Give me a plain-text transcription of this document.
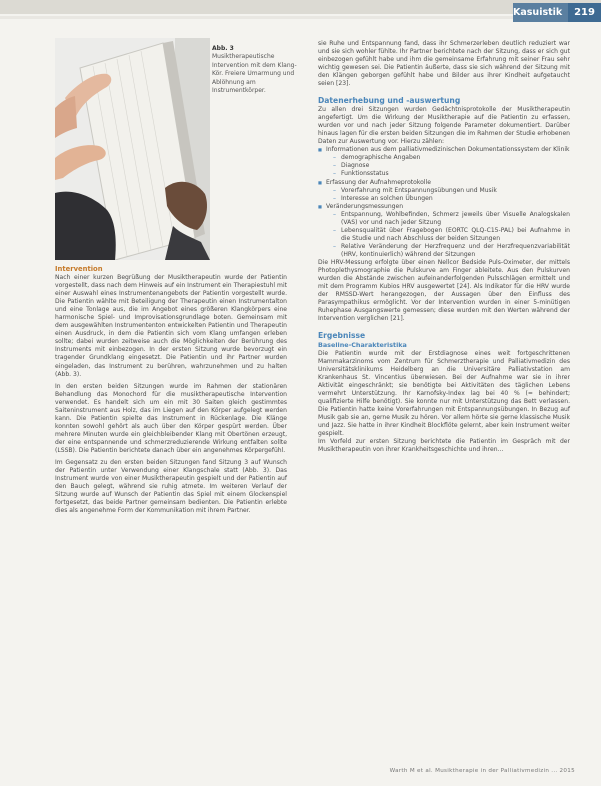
Kasuistik	219
Abb. 3 Musiktherapeutische Intervention mit dem Klang-Kör. Freiere Umarmung und Ablöhnung am Instrumentkörper.

Intervention

Nach einer kurzen Begrüßung der Musiktherapeutin wurde der Patientin vorgestellt, dass nach dem Hinweis auf ein Instrument ein Therapiestuhl mit einer Auswahl eines Instrumentenangebots der Patientin vorgestellt wurde. Die Patientin wählte mit Beteiligung der Therapeutin einen Instrumentalton und eine Tonlage aus, die im Angebot eines größeren Klangkörpers eine harmonische Spiel- und Improvisationsgrundlage boten. Gemeinsam mit dem ausgewählten Instrumententon entwickelten Patientin und Therapeutin einen Ausdruck, in dem die Patientin sich vom Klang umfangen erleben sollte; dabei wurden zeitweise auch die Möglichkeiten der Berührung des Instruments mit einbezogen. In der ersten Sitzung wurde bevorzugt ein tragender Grundklang eingesetzt. Die Patientin und ihr Partner wurden eingeladen, das Instrument zu berühren, wahrzunehmen und zu halten (Abb. 3).

In den ersten beiden Sitzungen wurde im Rahmen der stationären Behandlung das Monochord für die musiktherapeutische Intervention verwendet. Es handelt sich um ein mit 30 Saiten gleich gestimmtes Saiteninstrument aus Holz, das im Liegen auf den Körper aufgelegt werden kann. Die Patientin spielte das Instrument in Rückenlage. Die Klänge konnten sowohl gehört als auch über den Körper gespürt werden. Über mehrere Minuten wurde ein gleichbleibender Klang mit Obertönen erzeugt, der eine entspannende und schmerzreduzierende Wirkung entfalten sollte (LSSB). Die Patientin berichtete danach über ein angenehmes Körpergefühl.

Im Gegensatz zu den ersten beiden Sitzungen fand Sitzung 3 auf Wunsch der Patientin unter Verwendung einer Klangschale statt (Abb. 3). Das Instrument wurde von einer Musiktherapeutin gespielt und der Patientin auf den Bauch gelegt, während sie ruhig atmete. Im weiteren Verlauf der Sitzung wurde auf Wunsch der Patientin das Spiel mit einem Glockenspiel fortgesetzt, das beide Partner gemeinsam bedienten. Die Patientin erlebte dies als angenehme Form der Kommunikation mit ihrem Partner.

sie Ruhe und Entspannung fand, dass ihr Schmerzerleben deutlich reduziert war und sie sich wohler fühlte. Ihr Partner berichtete nach der Sitzung, dass er sich gut einbezogen gefühlt habe und ihm die gemeinsame Erfahrung mit seiner Frau sehr wichtig gewesen sei. Die Patientin äußerte, dass sie sich während der Sitzung mit den Klängen geborgen gefühlt habe und Bilder aus ihrer Kindheit aufgetaucht seien [23].

Datenerhebung und -auswertung

Zu allen drei Sitzungen wurden Gedächtnisprotokolle der Musiktherapeutin angefertigt. Um die Wirkung der Musiktherapie auf die Patientin zu erfassen, wurden vor und nach jeder Sitzung folgende Parameter dokumentiert. Darüber hinaus lagen für die ersten beiden Sitzungen die im Rahmen der Studie erhobenen Daten zur Auswertung vor. Hierzu zählen:

■ Informationen aus dem palliativmedizinischen Dokumentationssystem der Klinik
– demographische Angaben
– Diagnose
– Funktionsstatus
■ Erfassung der Aufnahmeprotokolle
– Vorerfahrung mit Entspannungsübungen und Musik
– Interesse an solchen Übungen
■ Veränderungsmessungen
– Entspannung, Wohlbefinden, Schmerz jeweils über Visuelle Analogskalen (VAS) vor und nach jeder Sitzung
– Lebensqualität über Fragebogen (EORTC QLQ-C15-PAL) bei Aufnahme in die Studie und nach Abschluss der beiden Sitzungen
– Relative Veränderung der Herzfrequenz und der Herzfrequenzvariabilität (HRV, kontinuierlich) während der Sitzungen

Die HRV-Messung erfolgte über einen Nellcor Bedside Puls-Oximeter, der mittels Photoplethysmographie die Pulskurve am Finger ableitete. Aus den Pulskurven wurden die Abstände zwischen aufeinanderfolgenden Pulsschlägen ermittelt und mit dem Programm Kubios HRV ausgewertet [24]. Als Indikator für die HRV wurde der RMSSD-Wert herangezogen, der Aussagen über den Einfluss des Parasympathikus ermöglicht. Vor der Intervention wurden in einer 5-minütigen Ruhephase Ausgangswerte gemessen; diese wurden mit den Werten während der Intervention verglichen [21].

Ergebnisse

Baseline-Charakteristika

Die Patientin wurde mit der Erstdiagnose eines weit fortgeschrittenen Mammakarzinoms vom Zentrum für Schmerztherapie und Palliativmedizin des Universitätsklinikums Heidelberg an die Universitäre Palliativstation am Krankenhaus St. Vincentius überwiesen. Bei der Aufnahme war sie in ihrer Aktivität eingeschränkt; sie benötigte bei Aktivitäten des täglichen Lebens vermehrt Unterstützung. Ihr Karnofsky-Index lag bei 40 % (= behindert; qualifizierte Hilfe benötigt). Sie konnte nur mit Unterstützung das Bett verlassen. Die Patientin hatte keine Vorerfahrungen mit Entspannungsübungen. In Bezug auf Musik gab sie an, gerne Musik zu hören. Vor allem hörte sie gerne klassische Musik und Jazz. Sie hatte in ihrer Kindheit Blockflöte gelernt, aber kein Instrument weiter gespielt.

Im Vorfeld zur ersten Sitzung berichtete die Patientin im Gespräch mit der Musiktherapeutin von ihrer Krankheitsgeschichte und ihren...

Warth M et al. Musiktherapie in der Palliativmedizin ... 2015
